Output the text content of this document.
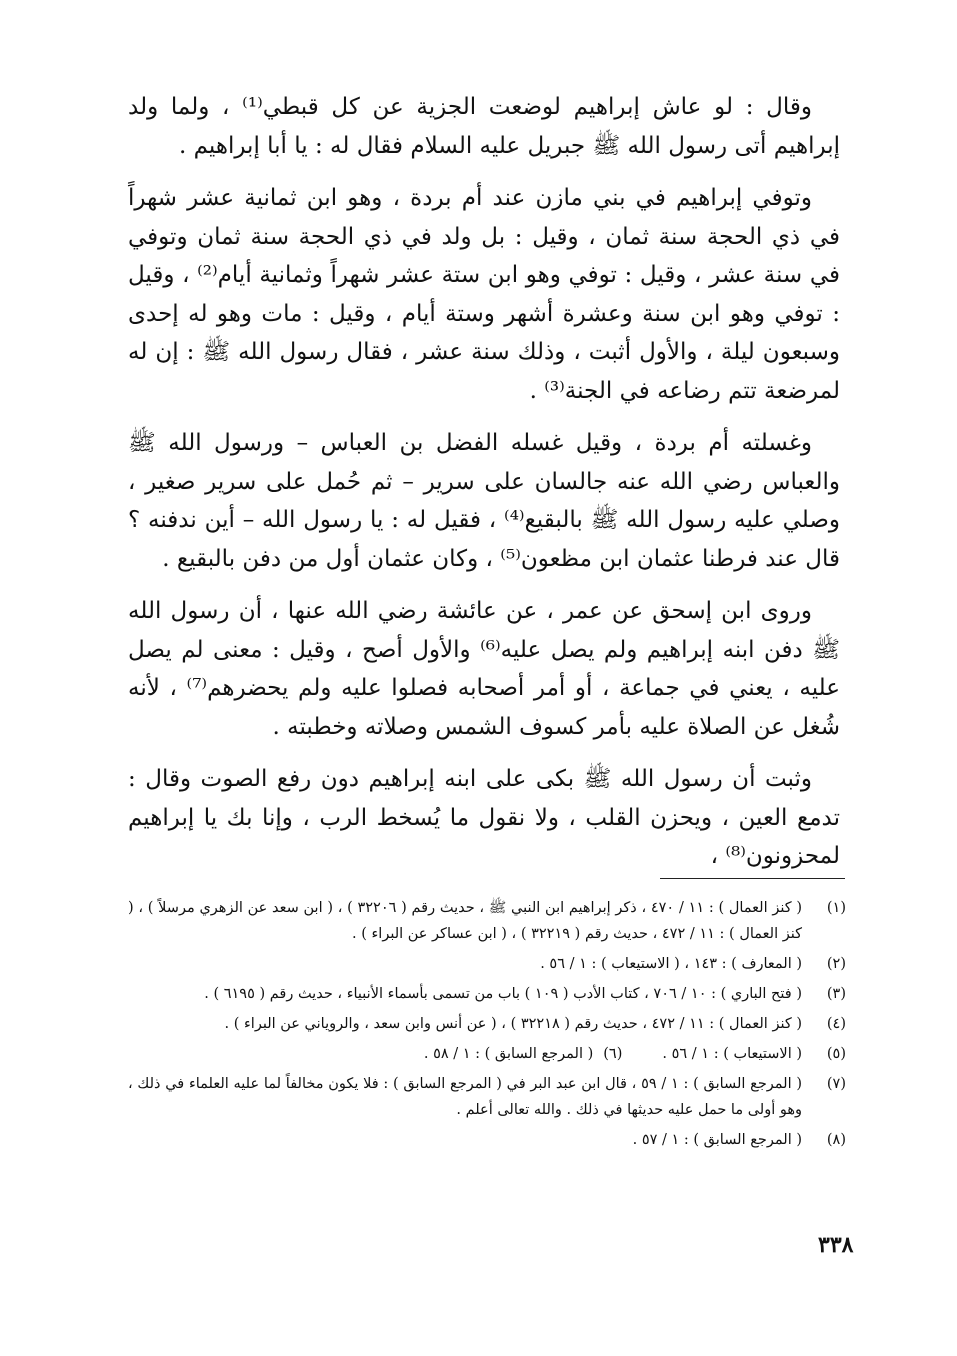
وقال : لو عاش إبراهيم لوضعت الجزية عن كل قبطي⁽¹⁾ ، ولما ولد إبراهيم أتى رسول الله ﷺ جبريل عليه السلام فقال له : يا أبا إبراهيم .

وتوفي إبراهيم في بني مازن عند أم بردة ، وهو ابن ثمانية عشر شهراً في ذي الحجة سنة ثمان ، وقيل : بل ولد في ذي الحجة سنة ثمان وتوفي في سنة عشر ، وقيل : توفي وهو ابن ستة عشر شهراً وثمانية أيام⁽²⁾ ، وقيل : توفي وهو ابن سنة وعشرة أشهر وستة أيام ، وقيل : مات وهو له إحدى وسبعون ليلة ، والأول أثبت ، وذلك سنة عشر ، فقال رسول الله ﷺ : إن له لمرضعة تتم رضاعه في الجنة⁽³⁾ .

وغسلته أم بردة ، وقيل غسله الفضل بن العباس – ورسول الله ﷺ والعباس رضي الله عنه جالسان على سرير – ثم حُمل على سرير صغير ، وصلي عليه رسول الله ﷺ بالبقيع⁽⁴⁾ ، فقيل له : يا رسول الله – أين ندفنه ؟ قال عند فرطنا عثمان ابن مظعون⁽⁵⁾ ، وكان عثمان أول من دفن بالبقيع .

وروى ابن إسحق عن عمر ، عن عائشة رضي الله عنها ، أن رسول الله ﷺ دفن ابنه إبراهيم ولم يصل عليه⁽⁶⁾ والأول أصح ، وقيل : معنى لم يصل عليه ، يعني في جماعة ، أو أمر أصحابه فصلوا عليه ولم يحضرهم⁽⁷⁾ ، لأنه شُغل عن الصلاة عليه بأمر كسوف الشمس وصلاته وخطبته .

وثبت أن رسول الله ﷺ بكى على ابنه إبراهيم دون رفع الصوت وقال : تدمع العين ، ويحزن القلب ، ولا نقول ما يُسخط الرب ، وإنا بك يا إبراهيم لمحزونون⁽⁸⁾ ،

(١)
( كنز العمال ) : ١١ / ٤٧٠ ، ذكر إبراهيم ابن النبي ﷺ ، حديث رقم ( ٣٢٢٠٦ ) ، ( ابن سعد عن الزهري مرسلاً ) ، ( كنز العمال ) : ١١ / ٤٧٢ ، حديث رقم ( ٣٢٢١٩ ) ، ( ابن عساكر عن البراء ) .
(٢)
( المعارف ) : ١٤٣ ، ( الاستيعاب ) : ١ / ٥٦ .
(٣)
( فتح الباري ) : ١٠ / ٧٠٦ ، كتاب الأدب ( ١٠٩ ) باب من تسمى بأسماء الأنبياء ، حديث رقم ( ٦١٩٥ ) .
(٤)
( كنز العمال ) : ١١ / ٤٧٢ ، حديث رقم ( ٣٢٢١٨ ) ، ( عن أنس وابن سعد ، والروياني عن البراء ) .
(٥)
( الاستيعاب ) : ١ / ٥٦ .
(٦)
( المرجع السابق ) : ١ / ٥٨ .
(٧)
( المرجع السابق ) : ١ / ٥٩ ، قال ابن عبد البر في ( المرجع السابق ) : فلا يكون مخالفاً لما عليه العلماء في ذلك ، وهو أولى ما حمل عليه حديثها في ذلك . والله تعالى أعلم .
(٨)
( المرجع السابق ) : ١ / ٥٧ .
٣٣٨
